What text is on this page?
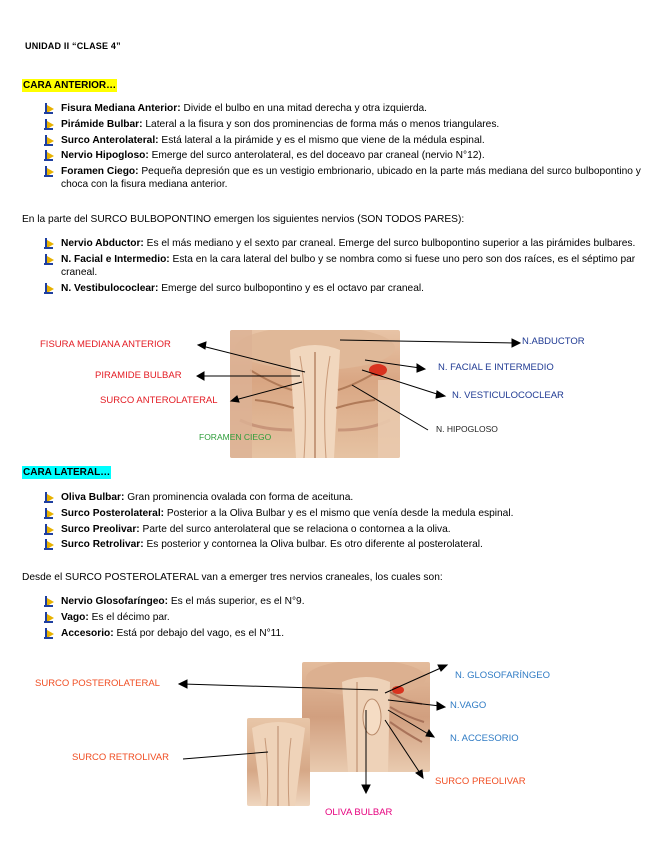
UNIDAD II “CLASE 4”
CARA ANTERIOR…
Fisura Mediana Anterior: Divide el bulbo en una mitad derecha y otra izquierda.
Pirámide Bulbar: Lateral a la fisura y son dos prominencias de forma más o menos triangulares.
Surco Anterolateral: Está lateral a la pirámide y es el mismo que viene de la médula espinal.
Nervio Hipogloso: Emerge del surco anterolateral, es del doceavo par craneal (nervio N°12).
Foramen Ciego: Pequeña depresión que es un vestigio embrionario, ubicado en la parte más mediana del surco bulbopontino y choca con la fisura mediana anterior.
En la parte del SURCO BULBOPONTINO emergen los siguientes nervios (SON TODOS PARES):
Nervio Abductor: Es el más mediano y el sexto par craneal. Emerge del surco bulbopontino superior a las pirámides bulbares.
N. Facial e Intermedio: Esta en la cara lateral del bulbo y se nombra como si fuese uno pero son dos raíces, es el séptimo par craneal.
N. Vestibulococlear: Emerge del surco bulbopontino y es el octavo par craneal.
FISURA MEDIANA ANTERIOR
PIRAMIDE BULBAR
SURCO ANTEROLATERAL
FORAMEN CIEGO
N.ABDUCTOR
N. FACIAL E INTERMEDIO
N. VESTICULOCOCLEAR
N. HIPOGLOSO
CARA LATERAL…
Oliva Bulbar: Gran prominencia ovalada con forma de aceituna.
Surco Posterolateral: Posterior a la Oliva Bulbar y es el mismo que venía desde la medula espinal.
Surco Preolivar: Parte del surco anterolateral que se relaciona o contornea a la oliva.
Surco Retrolivar: Es posterior y contornea la Oliva bulbar. Es otro diferente al posterolateral.
Desde el SURCO POSTEROLATERAL van a emerger tres nervios craneales, los cuales son:
Nervio Glosofaríngeo: Es el más superior, es el N°9.
Vago: Es el décimo par.
Accesorio: Está por debajo del vago, es el N°11.
SURCO POSTEROLATERAL
SURCO RETROLIVAR
OLIVA BULBAR
N. GLOSOFARÍNGEO
N.VAGO
N. ACCESORIO
SURCO PREOLIVAR
